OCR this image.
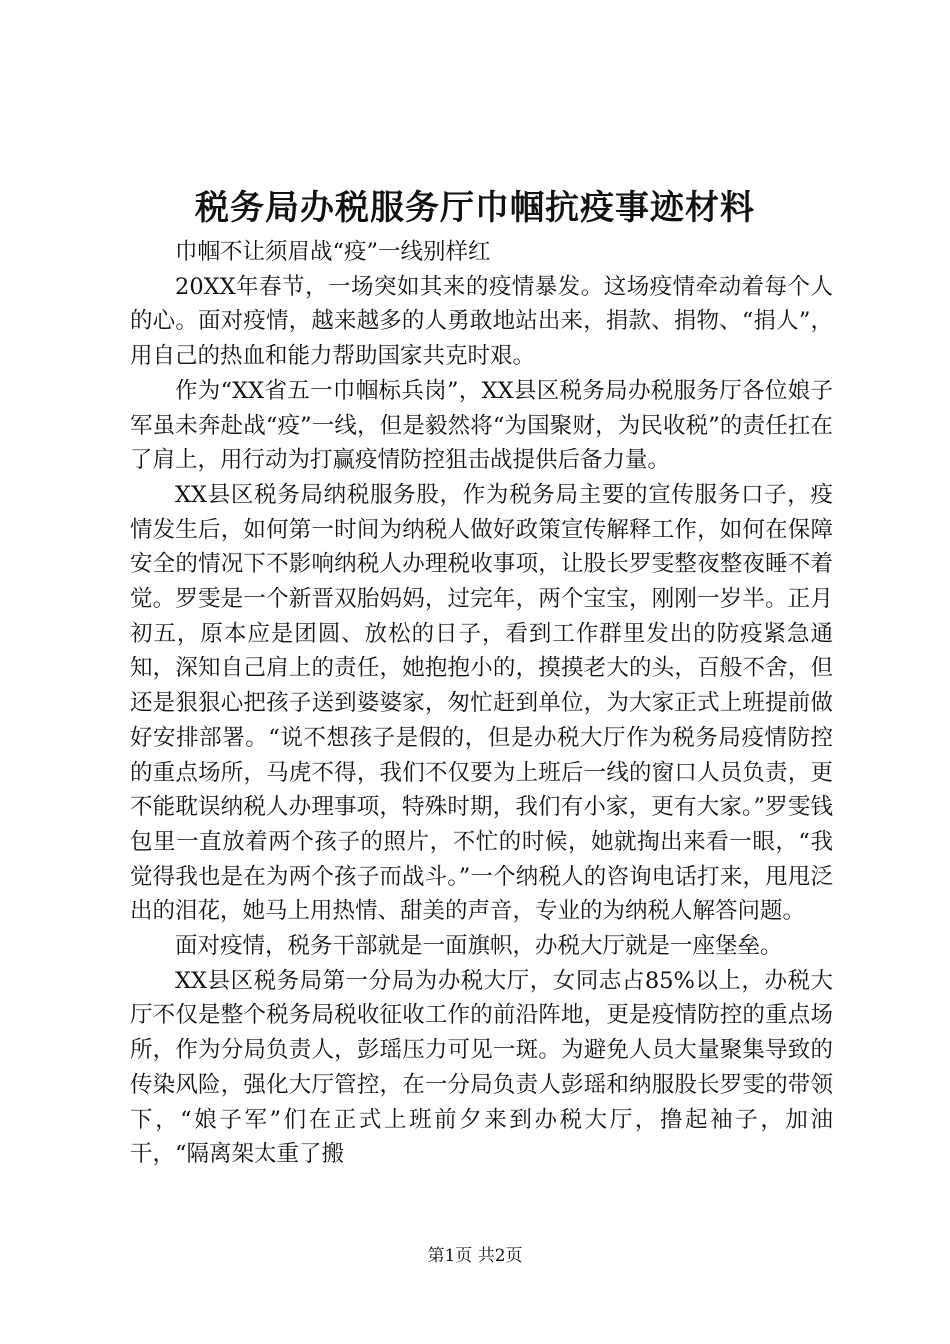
税务局办税服务厅巾帼抗疫事迹材料

巾帼不让须眉战“疫”一线别样红

20XX年春节，一场突如其来的疫情暴发。这场疫情牵动着每个人的心。面对疫情，越来越多的人勇敢地站出来，捐款、捐物、“捐人”，用自己的热血和能力帮助国家共克时艰。

作为“XX省五一巾帼标兵岗”，XX县区税务局办税服务厅各位娘子军虽未奔赴战“疫”一线，但是毅然将“为国聚财，为民收税”的责任扛在了肩上，用行动为打赢疫情防控狙击战提供后备力量。

XX县区税务局纳税服务股，作为税务局主要的宣传服务口子，疫情发生后，如何第一时间为纳税人做好政策宣传解释工作，如何在保障安全的情况下不影响纳税人办理税收事项，让股长罗雯整夜整夜睡不着觉。罗雯是一个新晋双胎妈妈，过完年，两个宝宝，刚刚一岁半。正月初五，原本应是团圆、放松的日子，看到工作群里发出的防疫紧急通知，深知自己肩上的责任，她抱抱小的，摸摸老大的头，百般不舍，但还是狠狠心把孩子送到婆婆家，匆忙赶到单位，为大家正式上班提前做好安排部署。“说不想孩子是假的，但是办税大厅作为税务局疫情防控的重点场所，马虎不得，我们不仅要为上班后一线的窗口人员负责，更不能耽误纳税人办理事项，特殊时期，我们有小家，更有大家。”罗雯钱包里一直放着两个孩子的照片，不忙的时候，她就掏出来看一眼，“我觉得我也是在为两个孩子而战斗。”一个纳税人的咨询电话打来，甩甩泛出的泪花，她马上用热情、甜美的声音，专业的为纳税人解答问题。

面对疫情，税务干部就是一面旗帜，办税大厅就是一座堡垒。

XX县区税务局第一分局为办税大厅，女同志占85%以上，办税大厅不仅是整个税务局税收征收工作的前沿阵地，更是疫情防控的重点场所，作为分局负责人，彭瑶压力可见一斑。为避免人员大量聚集导致的传染风险，强化大厅管控，在一分局负责人彭瑶和纳服股长罗雯的带领下，“娘子军”们在正式上班前夕来到办税大厅，撸起袖子，加油干，“隔离架太重了搬

第1页 共2页
